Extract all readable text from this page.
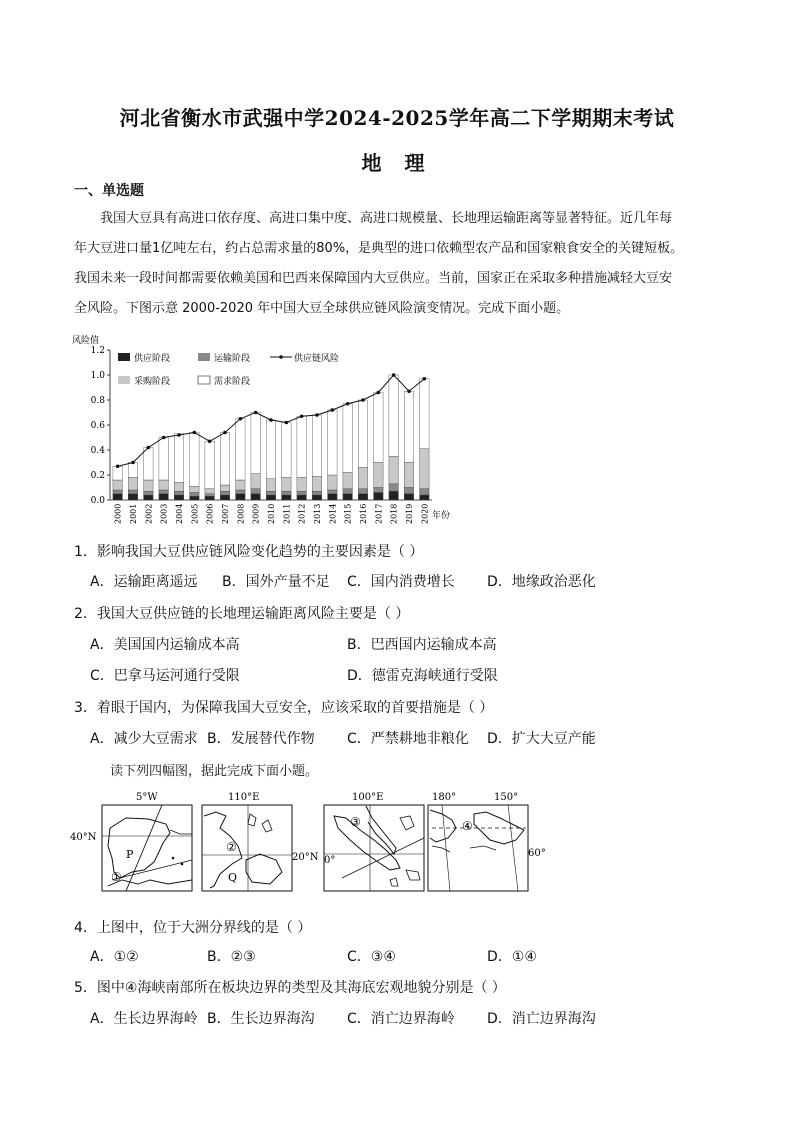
河北省衡水市武强中学2024-2025学年高二下学期期末考试
地 理
一、单选题

我国大豆具有高进口依存度、高进口集中度、高进口规模量、长地理运输距离等显著特征。近几年每

年大豆进口量1亿吨左右，约占总需求量的80%，是典型的进口依赖型农产品和国家粮食安全的关键短板。

我国未来一段时间都需要依赖美国和巴西来保障国内大豆供应。当前，国家正在采取多种措施减轻大豆安

全风险。下图示意 2000-2020 年中国大豆全球供应链风险演变情况。完成下面小题。

风险值
0.0
0.2
0.4
0.6
0.8
1.0
1.2
2000 2001 2002 2003 2004 2005 2006 2007 2008 2009 2010 2011 2012 2013 2014 2015 2016 2017 2018 2019 2020 年份
供应阶段	运输阶段	供应链风险
采购阶段	需求阶段
1．影响我国大豆供应链风险变化趋势的主要因素是（ ）
A．运输距离遥远 B．国外产量不足 C．国内消费增长 D．地缘政治恶化
2．我国大豆供应链的长地理运输距离风险主要是（ ）
A．美国国内运输成本高	B．巴西国内运输成本高
C．巴拿马运河通行受限	D．德雷克海峡通行受限
3．着眼于国内，为保障我国大豆安全，应该采取的首要措施是（ ）
A．减少大豆需求 B．发展替代作物 C．严禁耕地非粮化 D．扩大大豆产能
读下列四幅图，据此完成下面小题。
5°W
40°N
P
①
110°E
20°N
②
Q
100°E
0°
③
180°	150°
60°
④
4．上图中，位于大洲分界线的是（ ）
A．①②	B．②③	C．③④	D．①④
5．图中④海峡南部所在板块边界的类型及其海底宏观地貌分别是（ ）
A．生长边界海岭 B．生长边界海沟 C．消亡边界海岭 D．消亡边界海沟
